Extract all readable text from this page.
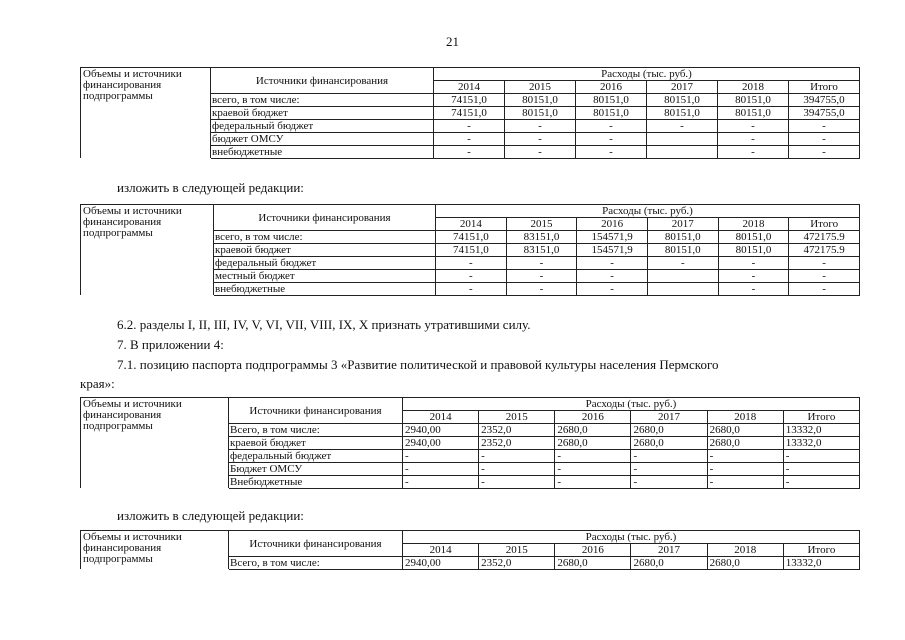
21
Объемы и источники
финансирования
подпрограммы	Источники финансирования	Расходы (тыс. руб.)					
		2014	2015	2016	2017	2018	Итого
	всего, в том числе:	74151,0	80151,0	80151,0	80151,0	80151,0	394755,0
	краевой бюджет	74151,0	80151,0	80151,0	80151,0	80151,0	394755,0
	федеральный бюджет	-	-	-	-	-	-
	бюджет ОМСУ	-	-	-		-	-
	внебюджетные	-	-	-		-	-
изложить в следующей редакции:
Объемы и источники
финансирования
подпрограммы	Источники финансирования	Расходы (тыс. руб.)					
		2014	2015	2016	2017	2018	Итого
	всего, в том числе:	74151,0	83151,0	154571,9	80151,0	80151,0	472175.9
	краевой бюджет	74151,0	83151,0	154571,9	80151,0	80151,0	472175.9
	федеральный бюджет	-	-	-	-	-	-
	местный бюджет	-	-	-		-	-
	внебюджетные	-	-	-		-	-
6.2. разделы I, II, III, IV, V, VI, VII, VIII, IX, X признать утратившими силу.
7. В приложении 4:
7.1. позицию паспорта подпрограммы 3 «Развитие политической и правовой культуры населения Пермского
края»:
Объемы и источники
финансирования
подпрограммы	Источники финансирования	Расходы (тыс. руб.)					
		2014	2015	2016	2017	2018	Итого
	Всего, в том числе:	2940,00	2352,0	2680,0	2680,0	2680,0	13332,0
	краевой бюджет	2940,00	2352,0	2680,0	2680,0	2680,0	13332,0
	федеральный бюджет	-	-	-	-	-	-
	Бюджет ОМСУ	-	-	-	-	-	-
	Внебюджетные	-	-	-	-	-	-
изложить в следующей редакции:
Объемы и источники
финансирования
подпрограммы	Источники финансирования	Расходы (тыс. руб.)					
		2014	2015	2016	2017	2018	Итого
	Всего, в том числе:	2940,00	2352,0	2680,0	2680,0	2680,0	13332,0
